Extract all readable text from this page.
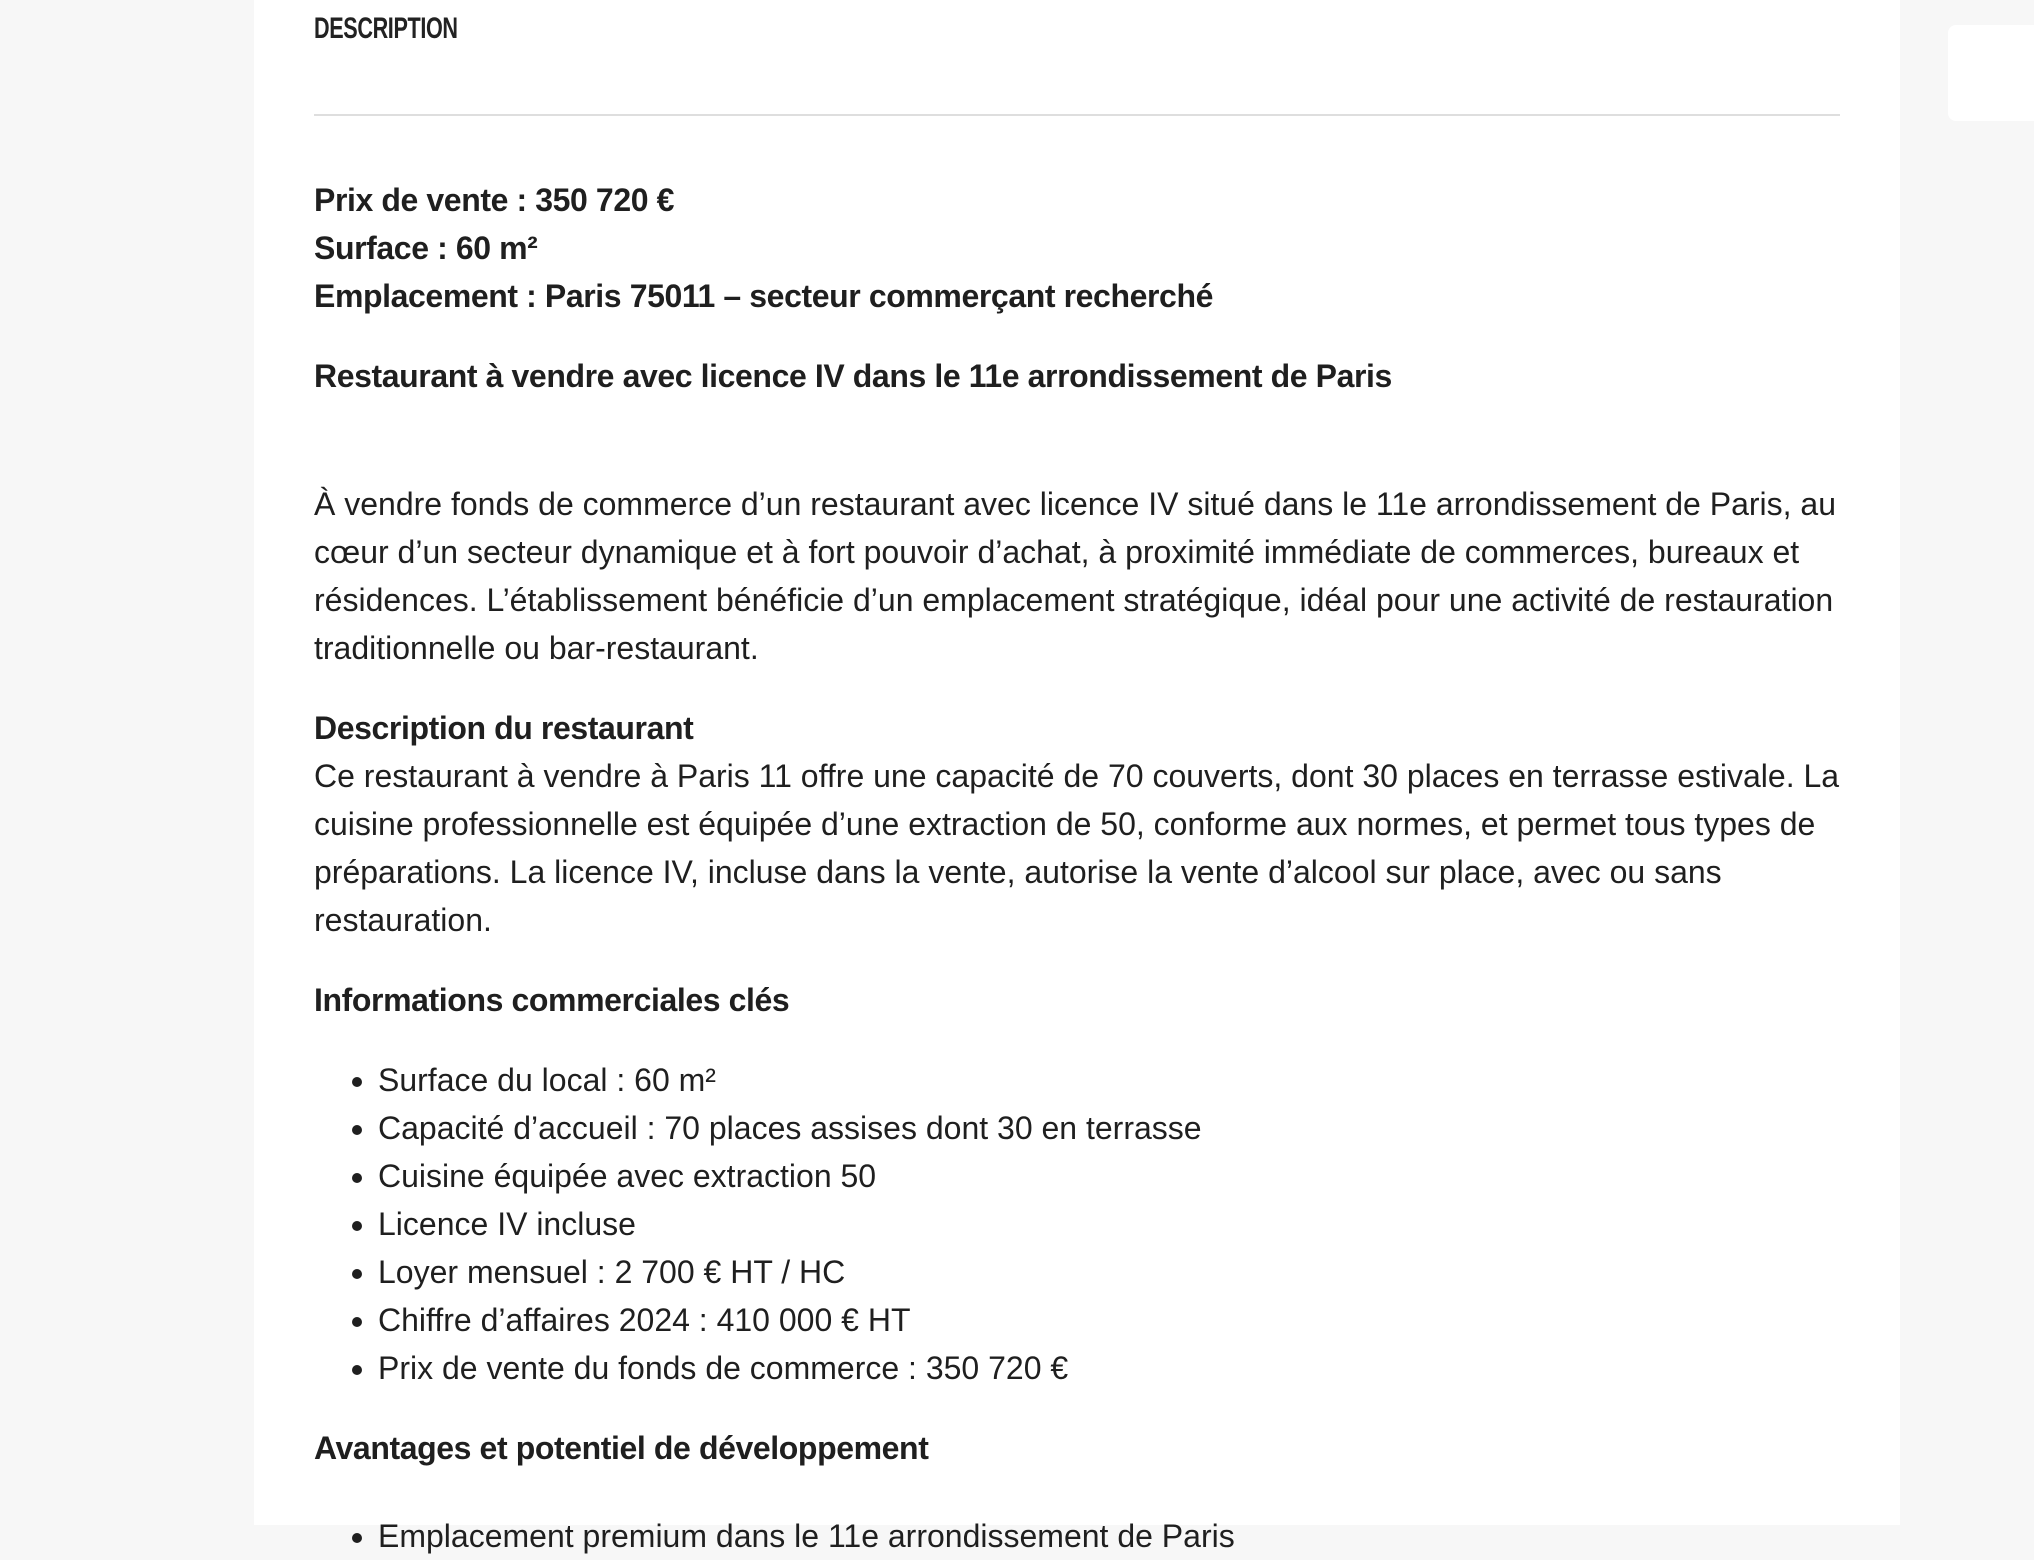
DESCRIPTION

Prix de vente : 350 720 €

Surface : 60 m²

Emplacement : Paris 75011 – secteur commerçant recherché

Restaurant à vendre avec licence IV dans le 11e arrondissement de Paris

À vendre fonds de commerce d’un restaurant avec licence IV situé dans le 11e arrondissement de Paris, au cœur d’un secteur dynamique et à fort pouvoir d’achat, à proximité immédiate de commerces, bureaux et résidences. L’établissement bénéficie d’un emplacement stratégique, idéal pour une activité de restauration traditionnelle ou bar-restaurant.

Description du restaurant

Ce restaurant à vendre à Paris 11 offre une capacité de 70 couverts, dont 30 places en terrasse estivale. La cuisine professionnelle est équipée d’une extraction de 50, conforme aux normes, et permet tous types de préparations. La licence IV, incluse dans la vente, autorise la vente d’alcool sur place, avec ou sans restauration.

Informations commerciales clés

• Surface du local : 60 m²
• Capacité d’accueil : 70 places assises dont 30 en terrasse
• Cuisine équipée avec extraction 50
• Licence IV incluse
• Loyer mensuel : 2 700 € HT / HC
• Chiffre d’affaires 2024 : 410 000 € HT
• Prix de vente du fonds de commerce : 350 720 €

Avantages et potentiel de développement

• Emplacement premium dans le 11e arrondissement de Paris
